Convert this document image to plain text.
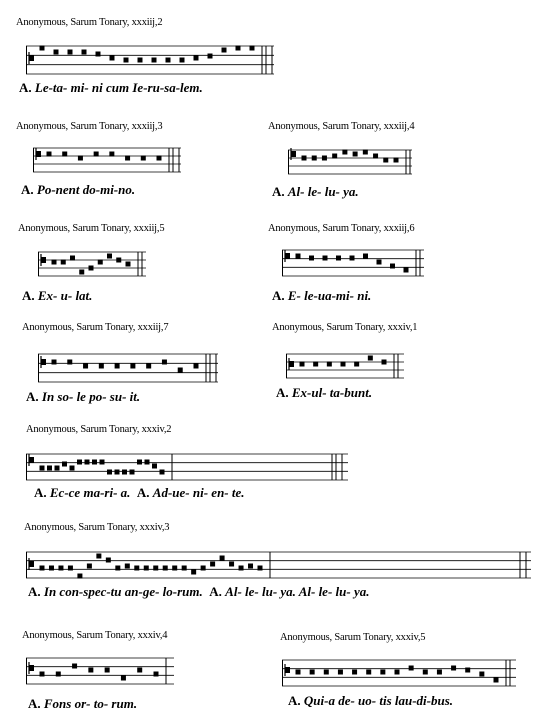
Anonymous, Sarum Tonary, xxxiij,2
A. Le-ta- mi- ni cum Ie-ru-sa-lem.
Anonymous, Sarum Tonary, xxxiij,3
A. Po-nent do-mi-no.
Anonymous, Sarum Tonary, xxxiij,4
A. Al- le- lu- ya.
Anonymous, Sarum Tonary, xxxiij,5
A. Ex- u- lat.
Anonymous, Sarum Tonary, xxxiij,6
A. E- le-ua-mi- ni.
Anonymous, Sarum Tonary, xxxiij,7
A. In so- le po- su- it.
Anonymous, Sarum Tonary, xxxiv,1
A. Ex-ul- ta-bunt.
Anonymous, Sarum Tonary, xxxiv,2
A. Ec-ce ma-ri- a. A. Ad-ue- ni- en- te.
Anonymous, Sarum Tonary, xxxiv,3
A. In con-spec-tu an-ge- lo-rum. A. Al- le- lu- ya. Al- le- lu- ya.
Anonymous, Sarum Tonary, xxxiv,4
A. Fons or- to- rum.
Anonymous, Sarum Tonary, xxxiv,5
A. Qui-a de- uo- tis lau-di-bus.
